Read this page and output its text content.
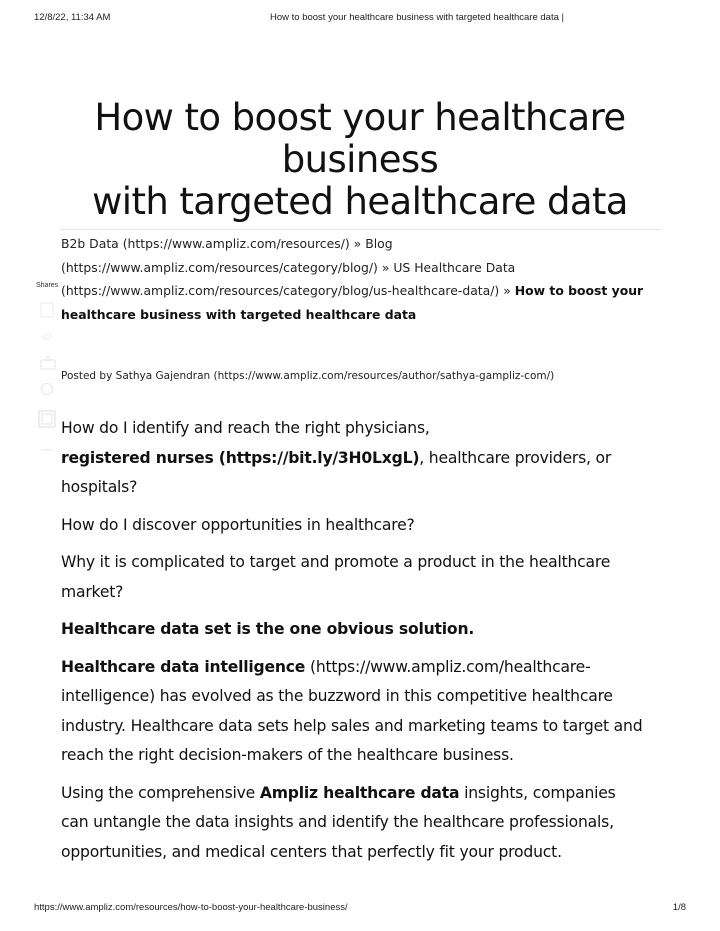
12/8/22, 11:34 AM	How to boost your healthcare business with targeted healthcare data |
How to boost your healthcare business
with targeted healthcare data
B2b Data (https://www.ampliz.com/resources/) » Blog (https://www.ampliz.com/resources/category/blog/) » US Healthcare Data (https://www.ampliz.com/resources/category/blog/us-healthcare-data/) » How to boost your healthcare business with targeted healthcare data
Shares
Posted by Sathya Gajendran (https://www.ampliz.com/resources/author/sathya-gampliz-com/)

How do I identify and reach the right physicians,
registered nurses (https://bit.ly/3H0LxgL), healthcare providers, or hospitals?

How do I discover opportunities in healthcare?

Why it is complicated to target and promote a product in the healthcare market?

Healthcare data set is the one obvious solution.

Healthcare data intelligence (https://www.ampliz.com/healthcare-intelligence) has evolved as the buzzword in this competitive healthcare industry. Healthcare data sets help sales and marketing teams to target and reach the right decision-makers of the healthcare business.

Using the comprehensive Ampliz healthcare data insights, companies can untangle the data insights and identify the healthcare professionals, opportunities, and medical centers that perfectly fit your product.

https://www.ampliz.com/resources/how-to-boost-your-healthcare-business/	1/8
